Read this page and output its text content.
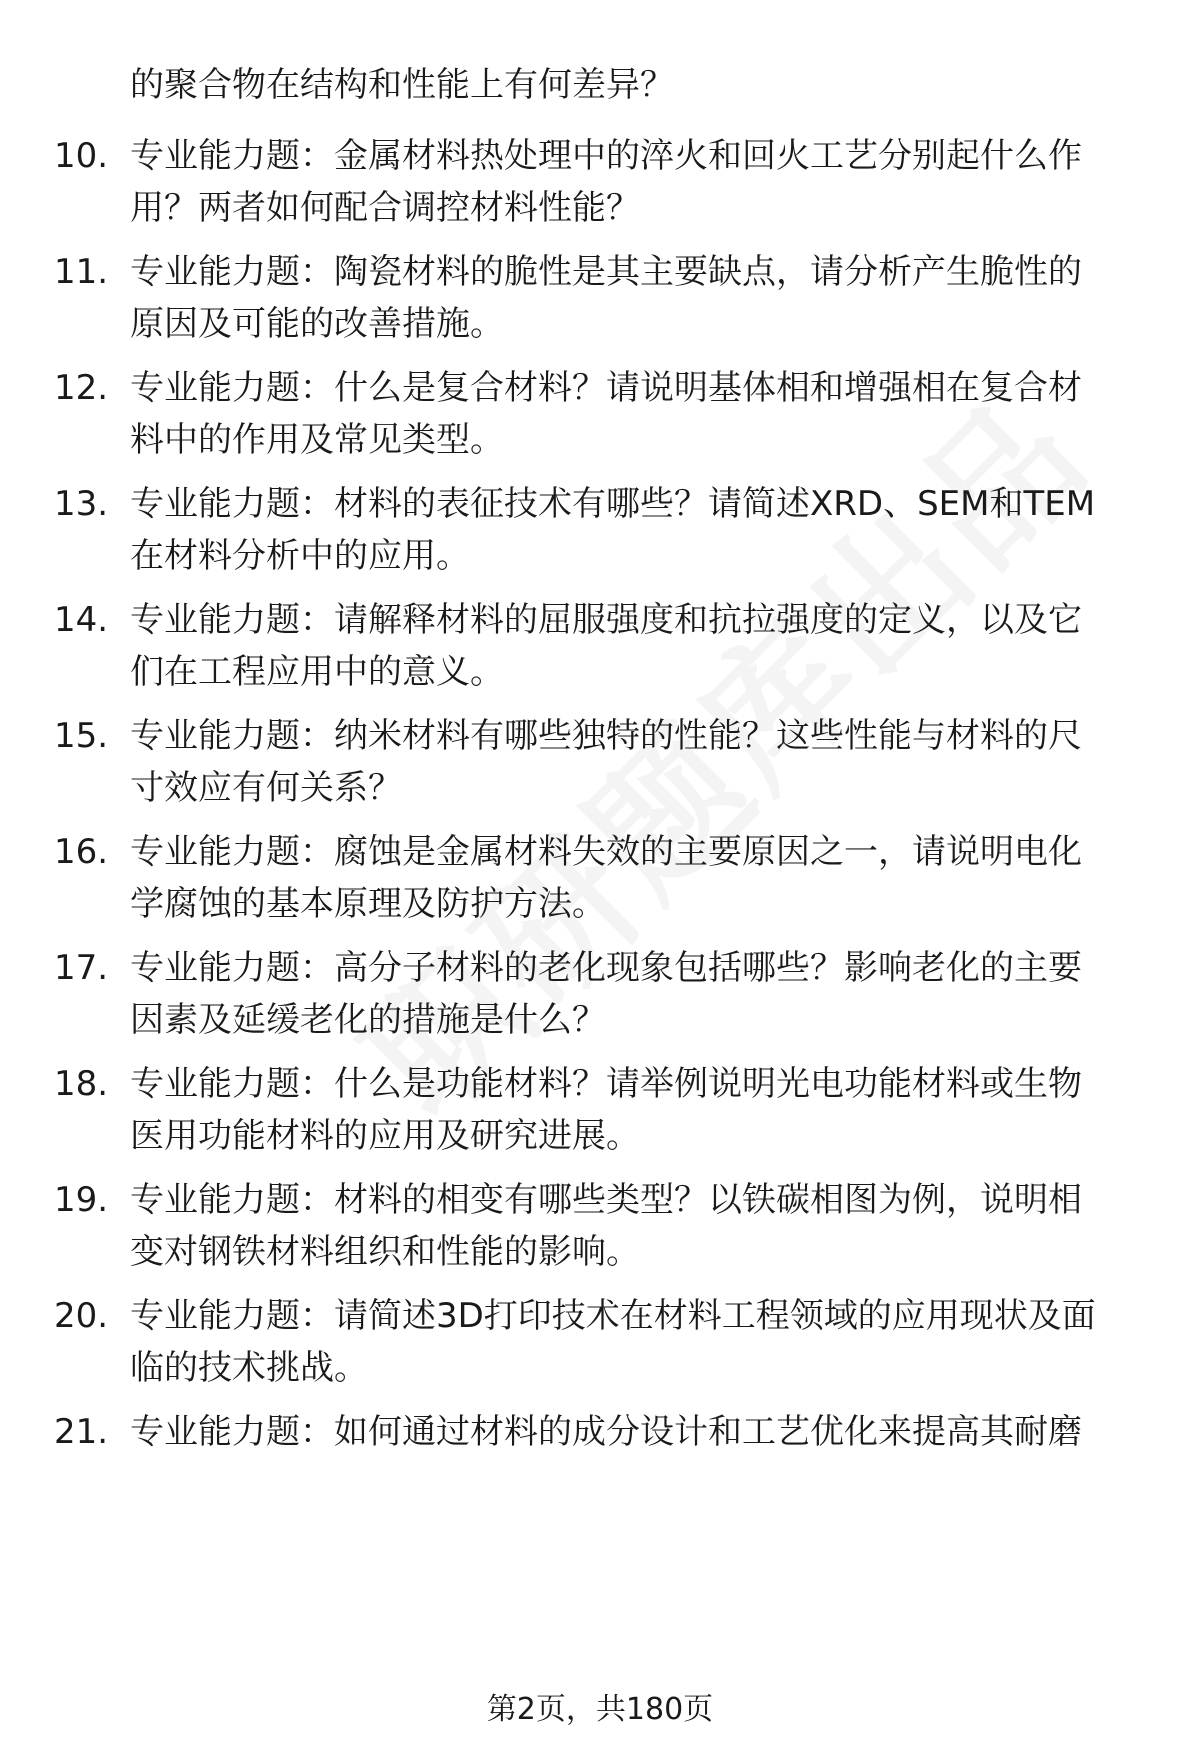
的聚合物在结构和性能上有何差异？
10. 专业能力题：金属材料热处理中的淬火和回火工艺分别起什么作
用？两者如何配合调控材料性能？
11. 专业能力题：陶瓷材料的脆性是其主要缺点，请分析产生脆性的
原因及可能的改善措施。
12. 专业能力题：什么是复合材料？请说明基体相和增强相在复合材
料中的作用及常见类型。
13. 专业能力题：材料的表征技术有哪些？请简述XRD、SEM和TEM
在材料分析中的应用。
14. 专业能力题：请解释材料的屈服强度和抗拉强度的定义，以及它
们在工程应用中的意义。
15. 专业能力题：纳米材料有哪些独特的性能？这些性能与材料的尺
寸效应有何关系？
16. 专业能力题：腐蚀是金属材料失效的主要原因之一，请说明电化
学腐蚀的基本原理及防护方法。
17. 专业能力题：高分子材料的老化现象包括哪些？影响老化的主要
因素及延缓老化的措施是什么？
18. 专业能力题：什么是功能材料？请举例说明光电功能材料或生物
医用功能材料的应用及研究进展。
19. 专业能力题：材料的相变有哪些类型？以铁碳相图为例，说明相
变对钢铁材料组织和性能的影响。
20. 专业能力题：请简述3D打印技术在材料工程领域的应用现状及面
临的技术挑战。
21. 专业能力题：如何通过材料的成分设计和工艺优化来提高其耐磨
第2页，共180页
